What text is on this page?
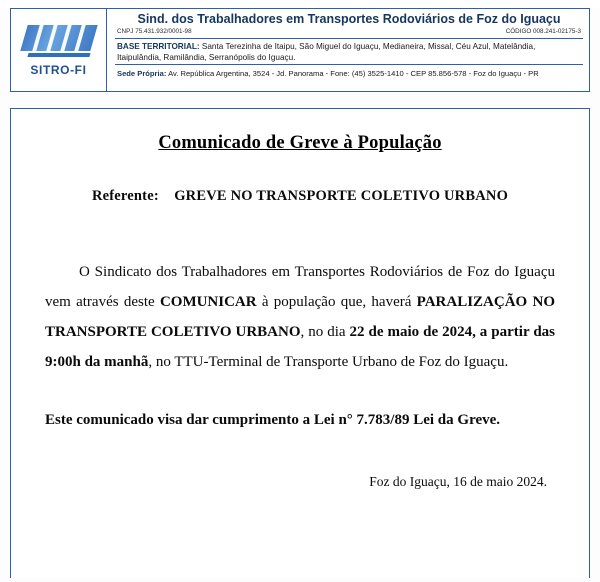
SITRO-FI
Sind. dos Trabalhadores em Transportes Rodoviários de Foz do Iguaçu
CNPJ 75.431.932/0001-98	CÓDIGO 008.241-02175-3
BASE TERRITORIAL: Santa Terezinha de Itaipu, São Miguel do Iguaçu, Medianeira, Missal, Céu Azul, Matelândia, Itaipulândia, Ramilândia, Serranópolis do Iguaçu.
Sede Própria: Av. República Argentina, 3524 - Jd. Panorama - Fone: (45) 3525-1410 - CEP 85.856-578 - Foz do Iguaçu - PR
Comunicado de Greve à População
Referente: GREVE NO TRANSPORTE COLETIVO URBANO
O Sindicato dos Trabalhadores em Transportes Rodoviários de Foz do Iguaçu vem através deste COMUNICAR à população que, haverá PARALIZAÇÃO NO TRANSPORTE COLETIVO URBANO, no dia 22 de maio de 2024, a partir das 9:00h da manhã, no TTU-Terminal de Transporte Urbano de Foz do Iguaçu.
Este comunicado visa dar cumprimento a Lei n° 7.783/89 Lei da Greve.
Foz do Iguaçu, 16 de maio 2024.
